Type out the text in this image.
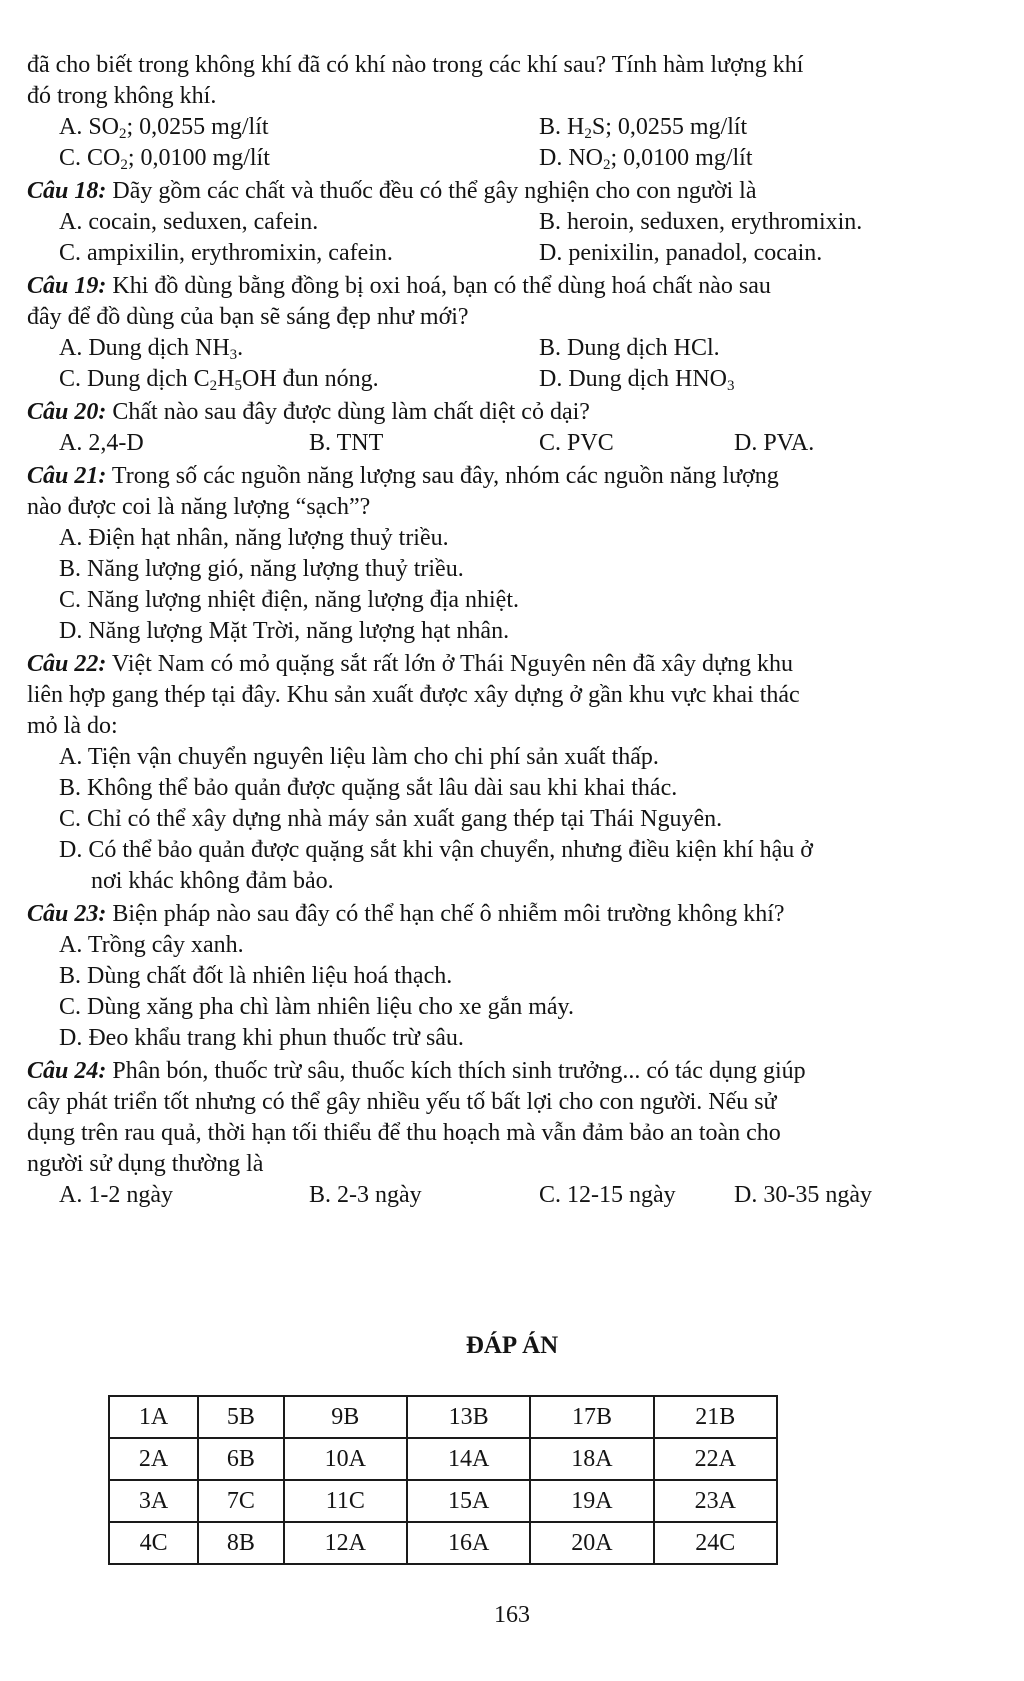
đã cho biết trong không khí đã có khí nào trong các khí sau? Tính hàm lượng khí
đó trong không khí.
A. $SO_2$; 0,0255 mg/lít	B. $H_2S$; 0,0255 mg/lít
C. $CO_2$; 0,0100 mg/lít	D. $NO_2$; 0,0100 mg/lít
Câu 18: Dãy gồm các chất và thuốc đều có thể gây nghiện cho con người là
A. cocain, seduxen, cafein.	B. heroin, seduxen, erythromixin.
C. ampixilin, erythromixin, cafein.	D. penixilin, panadol, cocain.
Câu 19: Khi đồ dùng bằng đồng bị oxi hoá, bạn có thể dùng hoá chất nào sau
đây để đồ dùng của bạn sẽ sáng đẹp như mới?
A. Dung dịch $NH_3$.	B. Dung dịch HCl.
C. Dung dịch $C_2H_5OH$ đun nóng.	D. Dung dịch $HNO_3$
Câu 20: Chất nào sau đây được dùng làm chất diệt cỏ dại?
A. 2,4-D	B. TNT	C. PVC	D. PVA.
Câu 21: Trong số các nguồn năng lượng sau đây, nhóm các nguồn năng lượng
nào được coi là năng lượng “sạch”?
A. Điện hạt nhân, năng lượng thuỷ triều.
B. Năng lượng gió, năng lượng thuỷ triều.
C. Năng lượng nhiệt điện, năng lượng địa nhiệt.
D. Năng lượng Mặt Trời, năng lượng hạt nhân.
Câu 22: Việt Nam có mỏ quặng sắt rất lớn ở Thái Nguyên nên đã xây dựng khu
liên hợp gang thép tại đây. Khu sản xuất được xây dựng ở gần khu vực khai thác
mỏ là do:
A. Tiện vận chuyển nguyên liệu làm cho chi phí sản xuất thấp.
B. Không thể bảo quản được quặng sắt lâu dài sau khi khai thác.
C. Chỉ có thể xây dựng nhà máy sản xuất gang thép tại Thái Nguyên.
D. Có thể bảo quản được quặng sắt khi vận chuyển, nhưng điều kiện khí hậu ở
nơi khác không đảm bảo.
Câu 23: Biện pháp nào sau đây có thể hạn chế ô nhiễm môi trường không khí?
A. Trồng cây xanh.
B. Dùng chất đốt là nhiên liệu hoá thạch.
C. Dùng xăng pha chì làm nhiên liệu cho xe gắn máy.
D. Đeo khẩu trang khi phun thuốc trừ sâu.
Câu 24: Phân bón, thuốc trừ sâu, thuốc kích thích sinh trưởng... có tác dụng giúp
cây phát triển tốt nhưng có thể gây nhiều yếu tố bất lợi cho con người. Nếu sử
dụng trên rau quả, thời hạn tối thiểu để thu hoạch mà vẫn đảm bảo an toàn cho
người sử dụng thường là
A. 1-2 ngày	B. 2-3 ngày	C. 12-15 ngày	D. 30-35 ngày
ĐÁP ÁN
1A	5B	9B	13B	17B	21B
2A	6B	10A	14A	18A	22A
3A	7C	11C	15A	19A	23A
4C	8B	12A	16A	20A	24C
163
